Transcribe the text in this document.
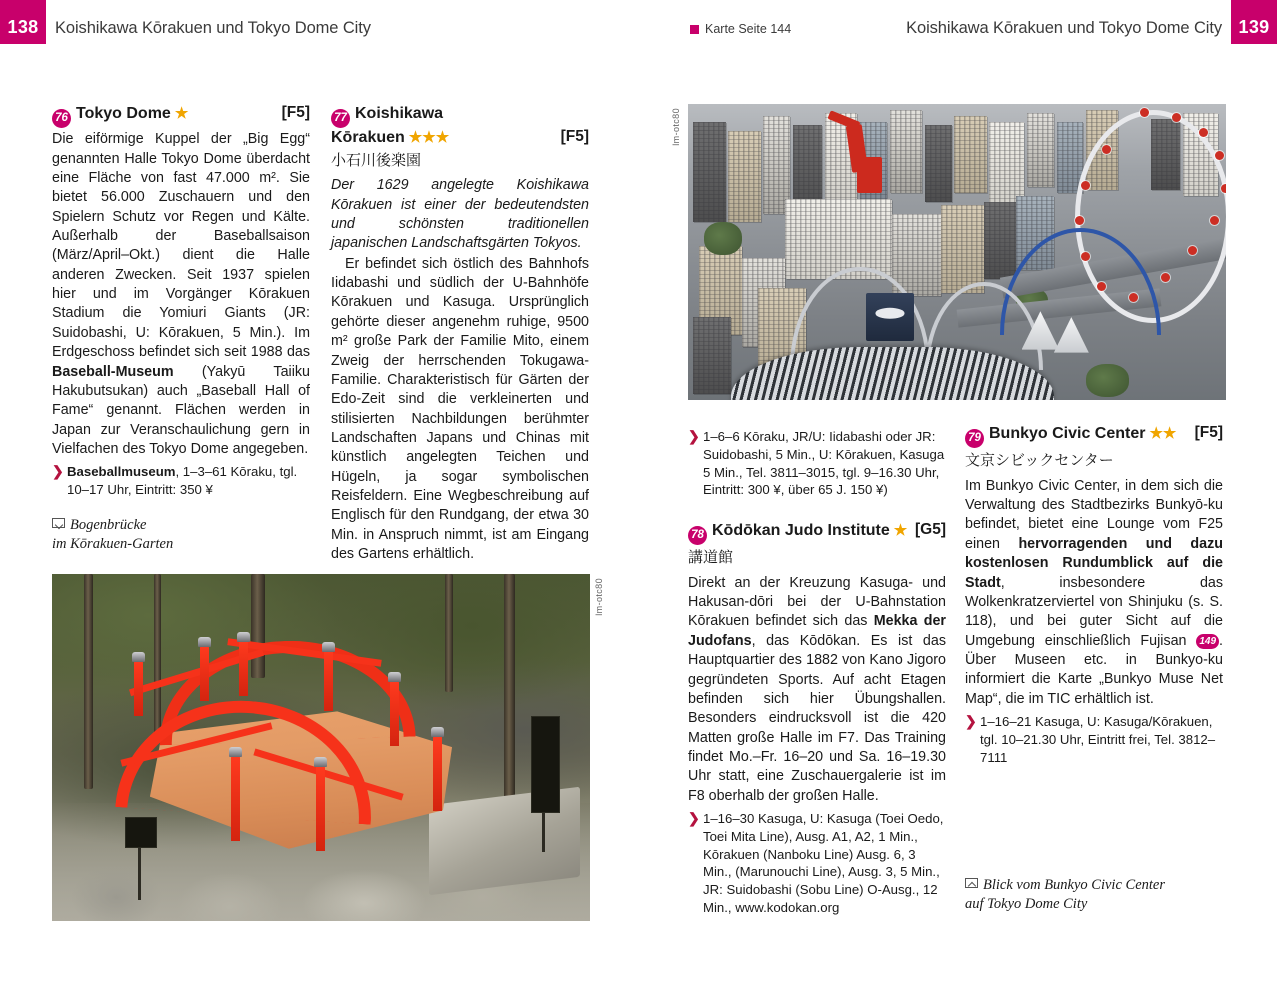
138	Koishikawa Kōrakuen und Tokyo Dome City	Karte Seite 144	Koishikawa Kōrakuen und Tokyo Dome City 139
[F5]
76 Tokyo Dome ★

Die eiförmige Kuppel der „Big Egg“ genannten Halle Tokyo Dome überdacht eine Fläche von fast 47.000 m². Sie bietet 56.000 Zuschauern und den Spielern Schutz vor Regen und Kälte. Außerhalb der Baseballsaison (März/April–Okt.) dient die Halle anderen Zwecken. Seit 1937 spielen hier und im Vorgänger Kōrakuen Stadium die Yomiuri Giants (JR: Suidobashi, U: Kōrakuen, 5 Min.). Im Erdgeschoss befindet sich seit 1988 das Baseball-Museum (Yakyū Taiiku Hakubutsukan) auch „Baseball Hall of Fame“ genannt. Flächen werden in Japan zur Veranschaulichung gern in Vielfachen des Tokyo Dome angegeben.

❯ Baseballmuseum, 1–3–61 Kōraku, tgl. 10–17 Uhr, Eintritt: 350 ¥
Bogenbrücke
im Kōrakuen-Garten
77 Koishikawa
[F5]
Kōrakuen ★★★
小石川後楽園

Der 1629 angelegte Koishikawa Kōrakuen ist einer der bedeutendsten und schönsten traditionellen japanischen Landschaftsgärten Tokyos.

Er befindet sich östlich des Bahnhofs Iidabashi und südlich der U-Bahnhöfe Kōrakuen und Kasuga. Ursprünglich gehörte dieser angenehm ruhige, 9500 m² große Park der Familie Mito, einem Zweig der herrschenden Tokugawa-Familie. Charakteristisch für Gärten der Edo-Zeit sind die verkleinerten und stilisierten Nachbildungen berühmter Landschaften Japans und Chinas mit künstlich angelegten Teichen und Hügeln, ja sogar symbolischen Reisfeldern. Eine Wegbeschreibung auf Englisch für den Rundgang, der etwa 30 Min. in Anspruch nimmt, ist am Eingang des Gartens erhältlich.

❯ 1–6–6 Kōraku, JR/U: Iidabashi oder JR: Suidobashi, 5 Min., U: Kōrakuen, Kasuga 5 Min., Tel. 3811–3015, tgl. 9–16.30 Uhr, Eintritt: 300 ¥, über 65 J. 150 ¥)
[G5]
78 Kōdōkan Judo Institute ★
講道館

Direkt an der Kreuzung Kasuga- und Hakusan-dōri bei der U-Bahnstation Kōrakuen befindet sich das Mekka der Judofans, das Kōdōkan. Es ist das Hauptquartier des 1882 von Kano Jigoro gegründeten Sports. Auf acht Etagen befinden sich hier Übungshallen. Besonders eindrucksvoll ist die 420 Matten große Halle im F7. Das Training findet Mo.–Fr. 16–20 und Sa. 16–19.30 Uhr statt, eine Zuschauergalerie ist im F8 oberhalb der großen Halle.

❯ 1–16–30 Kasuga, U: Kasuga (Toei Oedo, Toei Mita Line), Ausg. A1, A2, 1 Min., Kōrakuen (Nanboku Line) Ausg. 6, 3 Min., (Marunouchi Line), Ausg. 3, 5 Min., JR: Suidobashi (Sobu Line) O-Ausg., 12 Min., www.kodokan.org
[F5]
79 Bunkyo Civic Center ★★
文京シビックセンター

Im Bunkyo Civic Center, in dem sich die Verwaltung des Stadtbezirks Bunkyō-ku befindet, bietet eine Lounge vom F25 einen hervorragenden und dazu kostenlosen Rundumblick auf die Stadt, insbesondere das Wolkenkratzerviertel von Shinjuku (s. S. 118), und bei guter Sicht auf die Umgebung einschließlich Fujisan 149 . Über Museen etc. in Bunkyo-ku informiert die Karte „Bunkyo Muse Net Map“, die im TIC erhältlich ist.

❯ 1–16–21 Kasuga, U: Kasuga/Kōrakuen, tgl. 10–21.30 Uhr, Eintritt frei, Tel. 3812–7111
Blick vom Bunkyo Civic Center
auf Tokyo Dome City
lm-otc80
lm-otc80
